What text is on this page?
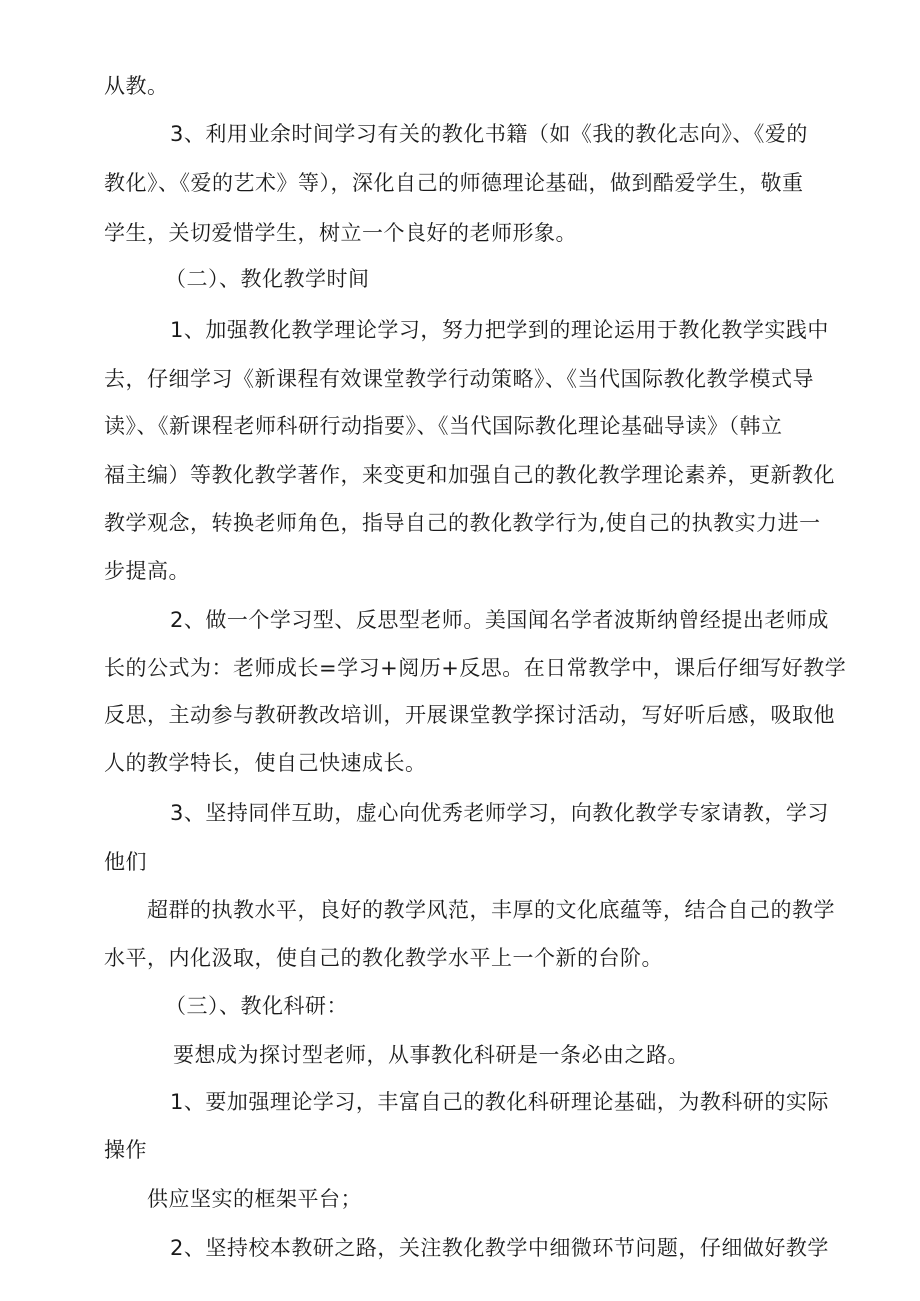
从教。
3、利用业余时间学习有关的教化书籍（如《我的教化志向》、《爱的
教化》、《爱的艺术》等），深化自己的师德理论基础，做到酷爱学生，敬重
学生，关切爱惜学生，树立一个良好的老师形象。
（二）、教化教学时间
1、加强教化教学理论学习，努力把学到的理论运用于教化教学实践中
去，仔细学习《新课程有效课堂教学行动策略》、《当代国际教化教学模式导
读》、《新课程老师科研行动指要》、《当代国际教化理论基础导读》（韩立
福主编）等教化教学著作，来变更和加强自己的教化教学理论素养，更新教化
教学观念，转换老师角色，指导自己的教化教学行为,使自己的执教实力进一
步提高。
2、做一个学习型、反思型老师。美国闻名学者波斯纳曾经提出老师成
长的公式为：老师成长=学习+阅历+反思。在日常教学中，课后仔细写好教学
反思，主动参与教研教改培训，开展课堂教学探讨活动，写好听后感，吸取他
人的教学特长，使自己快速成长。
3、坚持同伴互助，虚心向优秀老师学习，向教化教学专家请教，学习
他们
超群的执教水平，良好的教学风范，丰厚的文化底蕴等，结合自己的教学
水平，内化汲取，使自己的教化教学水平上一个新的台阶。
（三）、教化科研：
要想成为探讨型老师，从事教化科研是一条必由之路。
1、要加强理论学习，丰富自己的教化科研理论基础，为教科研的实际
操作
供应坚实的框架平台；
2、坚持校本教研之路，关注教化教学中细微环节问题，仔细做好教学
